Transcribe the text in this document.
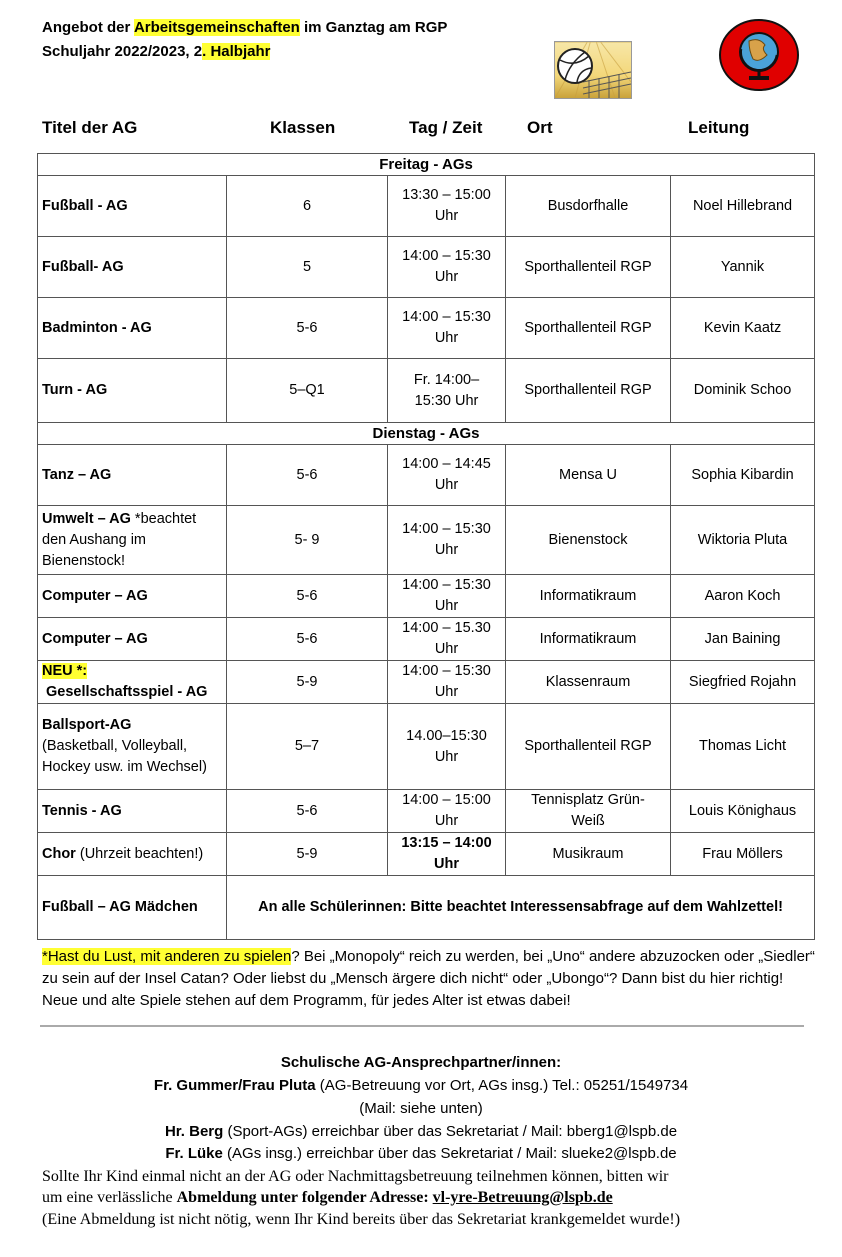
Angebot der Arbeitsgemeinschaften im Ganztag am RGP
Schuljahr 2022/2023, 2. Halbjahr
Titel der AG	Klassen	Tag / Zeit	Ort	Leitung
Freitag - AGs				
Fußball - AG	6	13:30 – 15:00 Uhr	Busdorfhalle	Noel Hillebrand
Fußball- AG	5	14:00 – 15:30 Uhr	Sporthallenteil RGP	Yannik
Badminton - AG	5-6	14:00 – 15:30 Uhr	Sporthallenteil RGP	Kevin Kaatz
Turn - AG	5–Q1	Fr. 14:00–15:30 Uhr	Sporthallenteil RGP	Dominik Schoo
Dienstag - AGs				
Tanz – AG	5-6	14:00 – 14:45 Uhr	Mensa U	Sophia Kibardin
Umwelt – AG *beachtet den Aushang im Bienenstock!	5- 9	14:00 – 15:30 Uhr	Bienenstock	Wiktoria Pluta
Computer – AG	5-6	14:00 – 15:30 Uhr	Informatikraum	Aaron Koch
Computer – AG	5-6	14:00 – 15.30 Uhr	Informatikraum	Jan Baining
NEU *:
Gesellschaftsspiel - AG	5-9	14:00 – 15:30 Uhr	Klassenraum	Siegfried Rojahn
Ballsport-AG
(Basketball, Volleyball, Hockey usw. im Wechsel)	5–7	14.00–15:30 Uhr	Sporthallenteil RGP	Thomas Licht
Tennis - AG	5-6	14:00 – 15:00 Uhr	Tennisplatz Grün-Weiß	Louis Könighaus
Chor (Uhrzeit beachten!)	5-9	13:15 – 14:00 Uhr	Musikraum	Frau Möllers
Fußball – AG Mädchen	An alle Schülerinnen: Bitte beachtet Interessensabfrage auf dem Wahlzettel!			
*Hast du Lust, mit anderen zu spielen? Bei „Monopoly“ reich zu werden, bei „Uno“ andere abzuzocken oder „Siedler“ zu sein auf der Insel Catan? Oder liebst du „Mensch ärgere dich nicht“ oder „Ubongo“? Dann bist du hier richtig! Neue und alte Spiele stehen auf dem Programm, für jedes Alter ist etwas dabei!
Schulische AG-Ansprechpartner/innen:
Fr. Gummer/Frau Pluta (AG-Betreuung vor Ort, AGs insg.) Tel.: 05251/1549734
(Mail: siehe unten)
Hr. Berg (Sport-AGs) erreichbar über das Sekretariat / Mail: bberg1@lspb.de
Fr. Lüke (AGs insg.) erreichbar über das Sekretariat / Mail: slueke2@lspb.de
Sollte Ihr Kind einmal nicht an der AG oder Nachmittagsbetreuung teilnehmen können, bitten wir
um eine verlässliche Abmeldung unter folgender Adresse: vl-yre-Betreuung@lspb.de
(Eine Abmeldung ist nicht nötig, wenn Ihr Kind bereits über das Sekretariat krankgemeldet wurde!)
